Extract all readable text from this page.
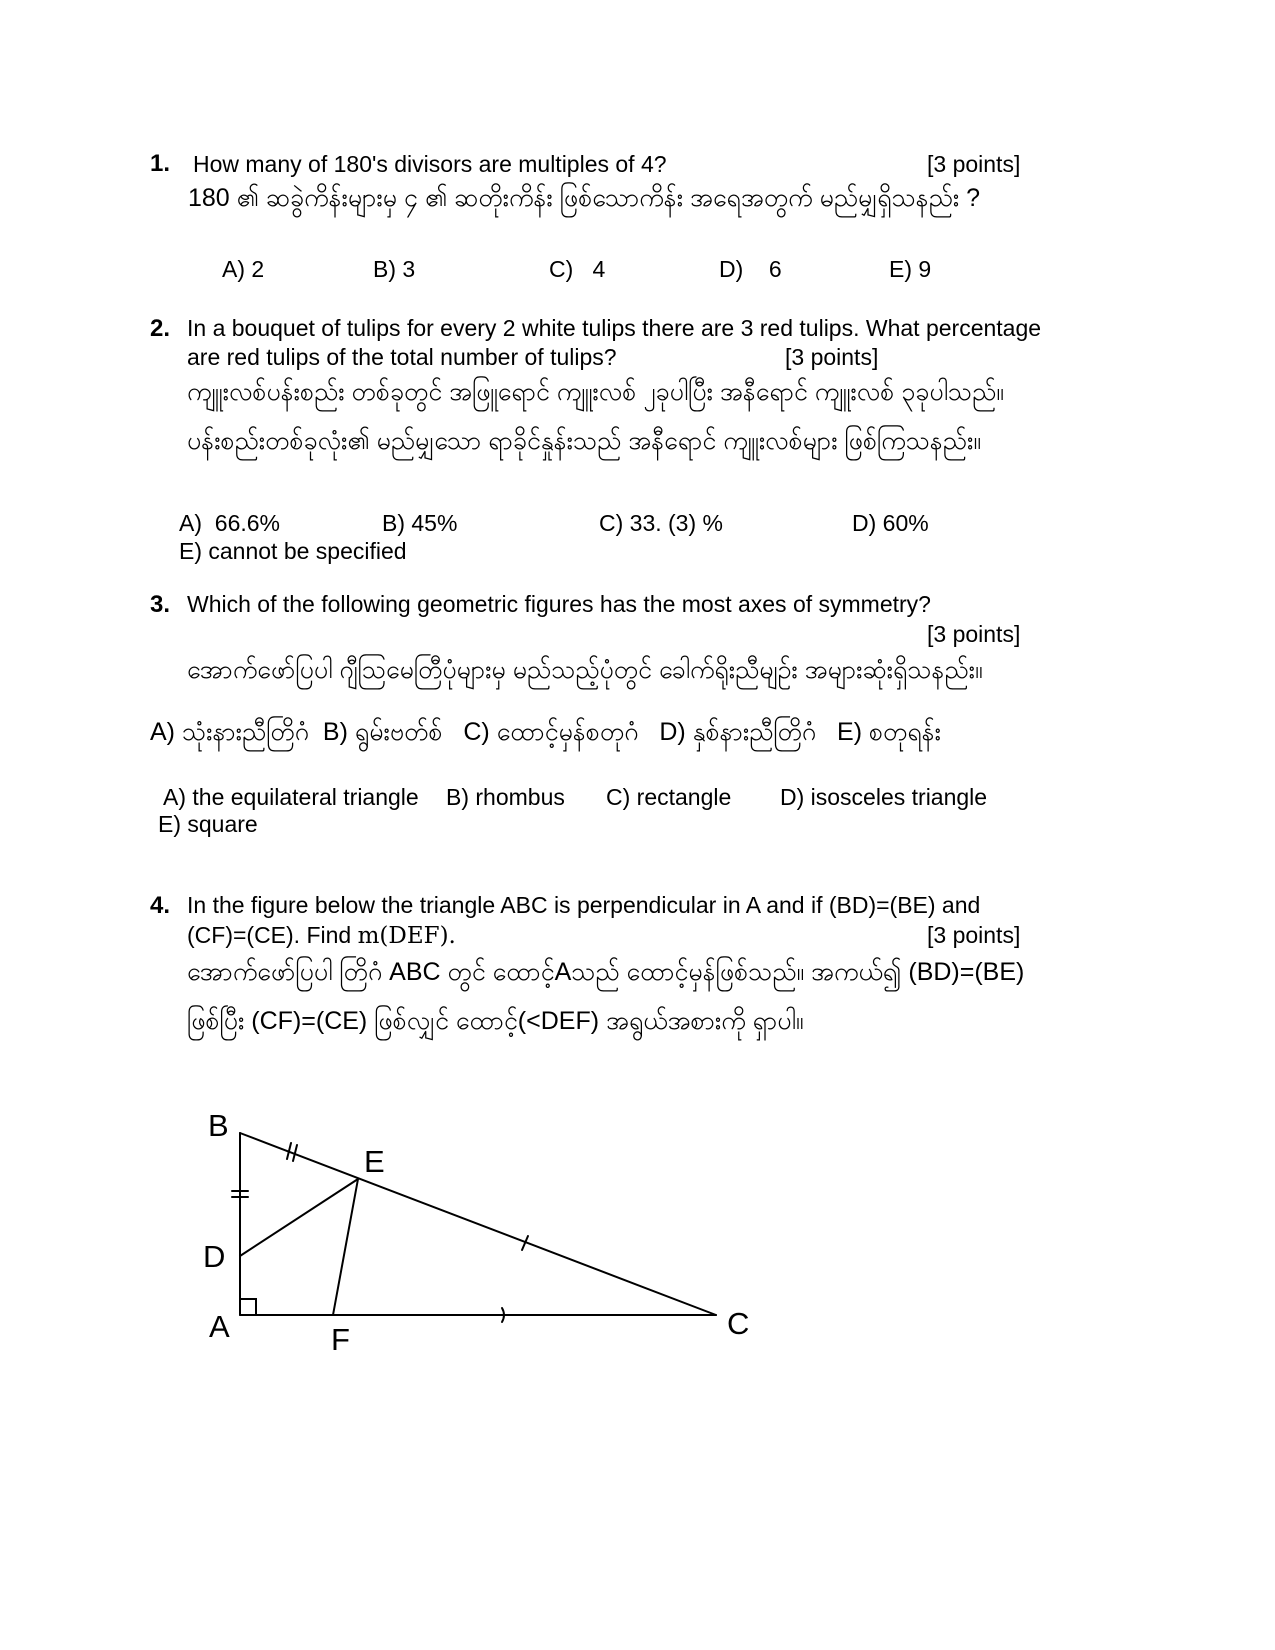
1. How many of 180's divisors are multiples of 4?	[3 points]
180 ၏ ဆခွဲကိန်းများမှ ၄ ၏ ဆတိုးကိန်း ဖြစ်သောကိန်း အရေအတွက် မည်မျှရှိသနည်း ?
A) 2	B) 3	C)   4	D)    6	E) 9
2. In a bouquet of tulips for every 2 white tulips there are 3 red tulips. What percentage
are red tulips of the total number of tulips?	[3 points]
ကျူးလစ်ပန်းစည်း တစ်ခုတွင် အဖြူရောင် ကျူးလစ် ၂ခုပါပြီး အနီရောင် ကျူးလစ် ၃ခုပါသည်။
ပန်းစည်းတစ်ခုလုံး၏ မည်မျှသော ရာခိုင်နှုန်းသည် အနီရောင် ကျူးလစ်များ ဖြစ်ကြသနည်း။
A)  66.6%	B) 45%	C) 33. (3) %	D) 60%
E) cannot be specified
3. Which of the following geometric figures has the most axes of symmetry?
[3 points]
အောက်ဖော်ပြပါ ဂျီဩမေတြီပုံများမှ မည်သည့်ပုံတွင် ခေါက်ရိုးညီမျဉ်း အများဆုံးရှိသနည်း။
A) သုံးနားညီတြိဂံ  B) ရွမ်းဗတ်စ်   C) ထောင့်မှန်စတုဂံ   D) နှစ်နားညီတြိဂံ   E) စတုရန်း
A) the equilateral triangle B) rhombus C) rectangle D) isosceles triangle
E) square
4. In the figure below the triangle ABC is perpendicular in A and if (BD)=(BE) and
(CF)=(CE). Find m(DEF).	[3 points]
အောက်ဖော်ပြပါ တြိဂံ ABC တွင် ထောင့်Aသည် ထောင့်မှန်ဖြစ်သည်။ အကယ်၍ (BD)=(BE)
ဖြစ်ပြီး (CF)=(CE) ဖြစ်လျှင် ထောင့်(<DEF) အရွယ်အစားကို ရှာပါ။
B
E
D
A	F	C
